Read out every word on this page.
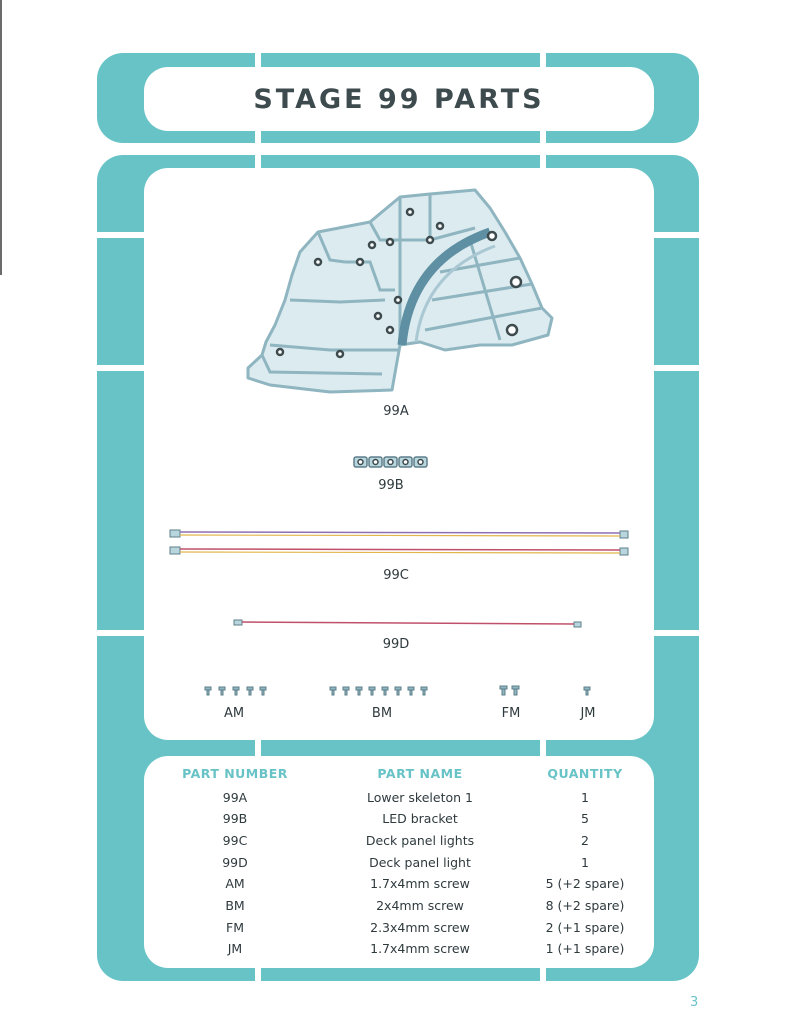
STAGE 99 PARTS
99A
99B
99C
99D
AM	BM	FM	JM
PART NUMBER	PART NAME	QUANTITY
99A	Lower skeleton 1	1
99B	LED bracket	5
99C	Deck panel lights	2
99D	Deck panel light	1
AM	1.7x4mm screw	5 (+2 spare)
BM	2x4mm screw	8 (+2 spare)
FM	2.3x4mm screw	2 (+1 spare)
JM	1.7x4mm screw	1 (+1 spare)
3
